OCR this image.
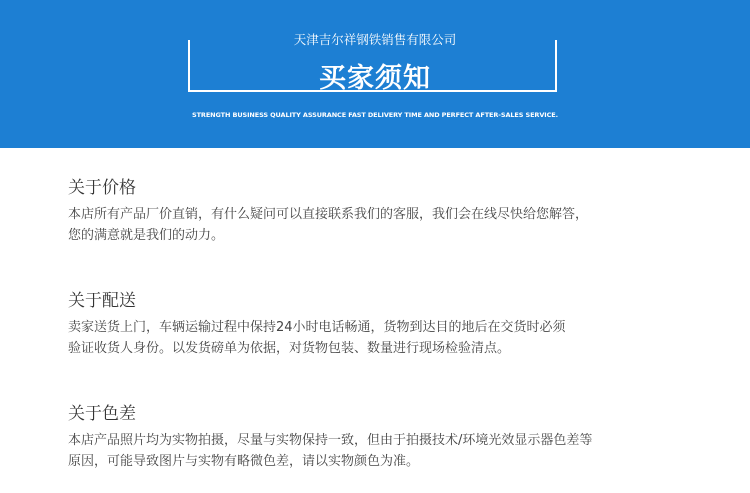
天津吉尔祥钢铁销售有限公司
买家须知
STRENGTH BUSINESS QUALITY ASSURANCE FAST DELIVERY TIME AND PERFECT AFTER-SALES SERVICE.
关于价格

本店所有产品厂价直销，有什么疑问可以直接联系我们的客服，我们会在线尽快给您解答，
您的满意就是我们的动力。

关于配送

卖家送货上门，车辆运输过程中保持24小时电话畅通，货物到达目的地后在交货时必须
验证收货人身份。以发货磅单为依据，对货物包装、数量进行现场检验清点。

关于色差

本店产品照片均为实物拍摄，尽量与实物保持一致，但由于拍摄技术/环境光效显示器色差等
原因，可能导致图片与实物有略微色差，请以实物颜色为准。
